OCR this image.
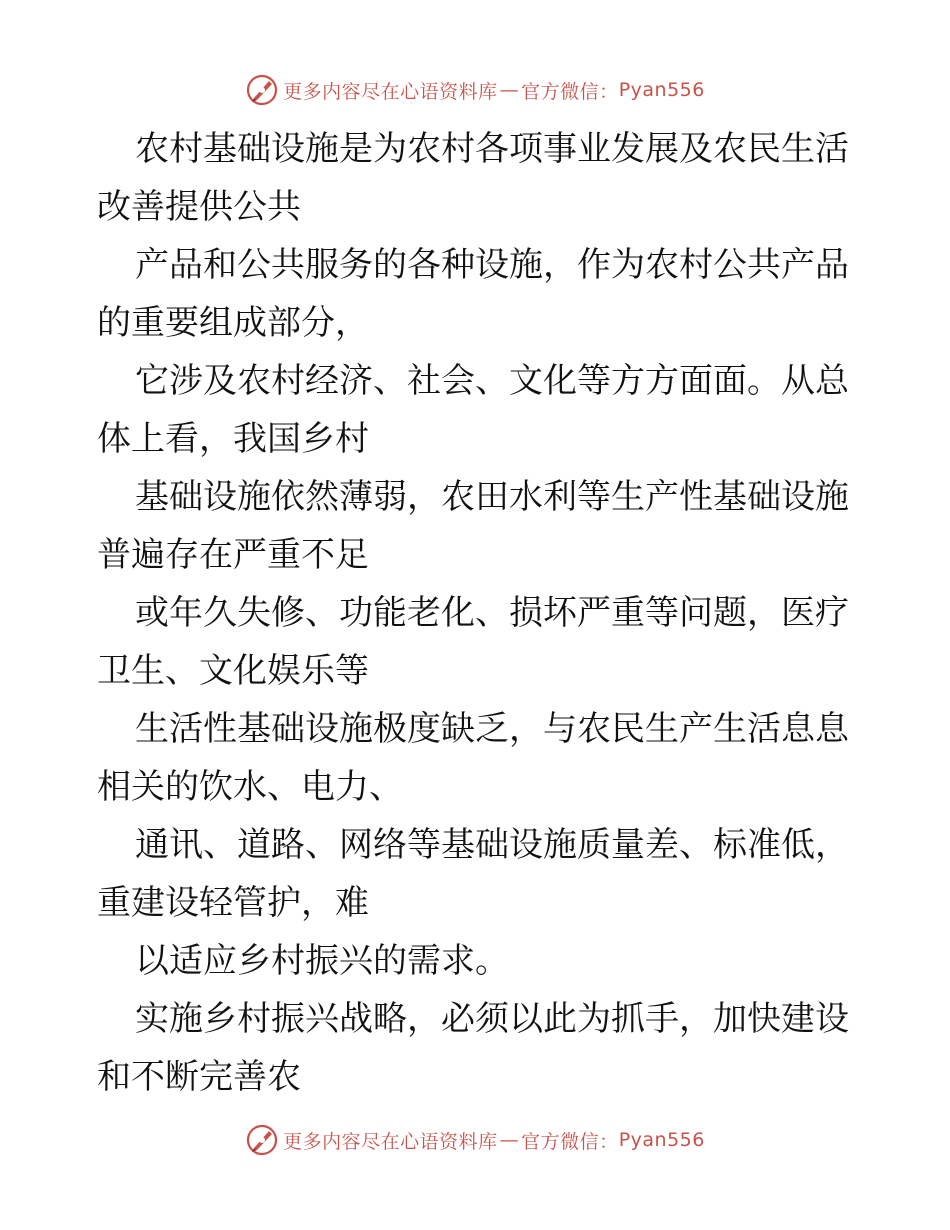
更多内容尽在心语资料库 — 官方微信： Pyan556

农村基础设施是为农村各项事业发展及农民生活
改善提供公共

产品和公共服务的各种设施，作为农村公共产品
的重要组成部分，

它涉及农村经济、社会、文化等方方面面。从总
体上看，我国乡村

基础设施依然薄弱，农田水利等生产性基础设施
普遍存在严重不足

或年久失修、功能老化、损坏严重等问题，医疗
卫生、文化娱乐等

生活性基础设施极度缺乏，与农民生产生活息息
相关的饮水、电力、

通讯、道路、网络等基础设施质量差、标准低，
重建设轻管护，难

以适应乡村振兴的需求。

实施乡村振兴战略，必须以此为抓手，加快建设
和不断完善农

更多内容尽在心语资料库 — 官方微信： Pyan556
